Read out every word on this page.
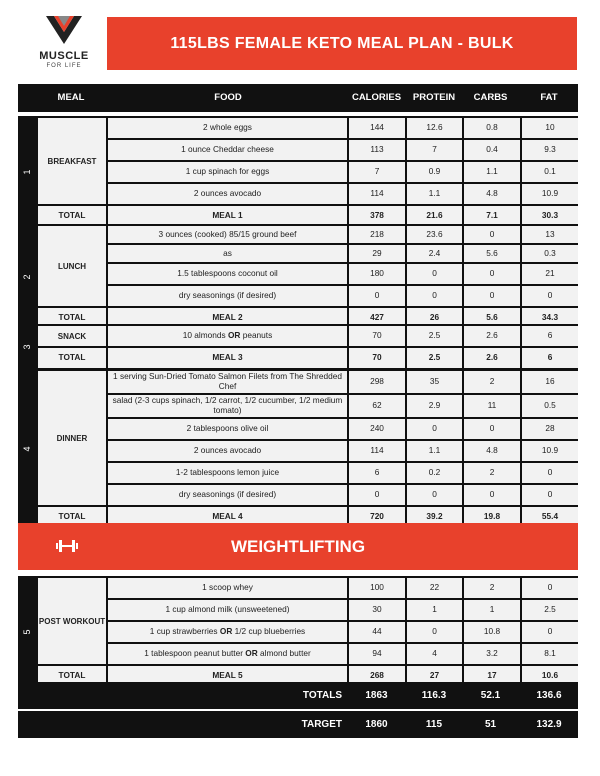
MUSCLE
FOR LIFE
115LBS FEMALE KETO MEAL PLAN - BULK
MEAL	FOOD	CALORIES	PROTEIN	CARBS	FAT
1
BREAKFAST
2 whole eggs	144	12.6	0.8	10
1 ounce Cheddar cheese	113	7	0.4	9.3
1 cup spinach for eggs	7	0.9	1.1	0.1
2 ounces avocado	114	1.1	4.8	10.9
TOTAL	MEAL 1	378	21.6	7.1	30.3
2
LUNCH
3 ounces (cooked) 85/15 ground beef	218	23.6	0	13
as	29	2.4	5.6	0.3
1.5 tablespoons coconut oil	180	0	0	21
dry seasonings (if desired)	0	0	0	0
TOTAL	MEAL 2	427	26	5.6	34.3
3
SNACK	10 almonds OR peanuts	70	2.5	2.6	6
TOTAL	MEAL 3	70	2.5	2.6	6
4
DINNER
1 serving Sun-Dried Tomato Salmon Filets from The Shredded Chef	298	35	2	16
salad (2-3 cups spinach, 1/2 carrot, 1/2 cucumber, 1/2 medium tomato)	62	2.9	11	0.5
2 tablespoons olive oil	240	0	0	28
2 ounces avocado	114	1.1	4.8	10.9
1-2 tablespoons lemon juice	6	0.2	2	0
dry seasonings (if desired)	0	0	0	0
TOTAL	MEAL 4	720	39.2	19.8	55.4
5
POST WORKOUT
1 scoop whey	100	22	2	0
1 cup almond milk (unsweetened)	30	1	1	2.5
1 cup strawberries OR 1/2 cup blueberries	44	0	10.8	0
1 tablespoon peanut butter OR almond butter	94	4	3.2	8.1
TOTAL	MEAL 5	268	27	17	10.6
WEIGHTLIFTING
TOTALS	1863	116.3	52.1	136.6
TARGET	1860	115	51	132.9
